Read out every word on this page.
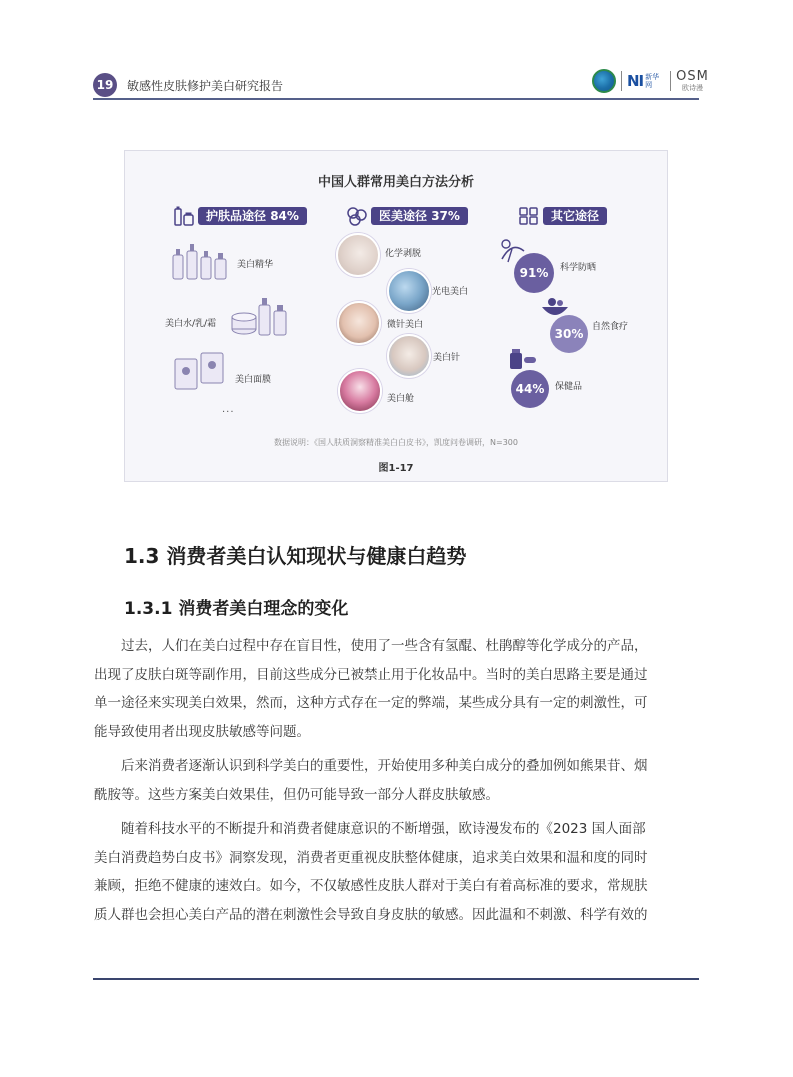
19	敏感性皮肤修护美白研究报告	NI 新华网
OSM
欧诗漫
中国人群常用美白方法分析
护肤品途径 84%	医美途径 37%	其它途径
美白精华
美白水/乳/霜
美白面膜
...
化学剥脱
光电美白
微针美白
美白针
美白舱
91%	科学防晒
30% 自然食疗
44%	保健品
数据说明：《国人肤质洞察精准美白白皮书》，凯度问卷调研，N=300
图1-17
1.3 消费者美白认知现状与健康白趋势
1.3.1 消费者美白理念的变化
过去，人们在美白过程中存在盲目性，使用了一些含有氢醌、杜鹃醇等化学成分的产品，
出现了皮肤白斑等副作用，目前这些成分已被禁止用于化妆品中。当时的美白思路主要是通过
单一途径来实现美白效果，然而，这种方式存在一定的弊端，某些成分具有一定的刺激性，可
能导致使用者出现皮肤敏感等问题。
后来消费者逐渐认识到科学美白的重要性，开始使用多种美白成分的叠加例如熊果苷、烟
酰胺等。这些方案美白效果佳，但仍可能导致一部分人群皮肤敏感。
随着科技水平的不断提升和消费者健康意识的不断增强，欧诗漫发布的《2023 国人面部
美白消费趋势白皮书》洞察发现，消费者更重视皮肤整体健康，追求美白效果和温和度的同时
兼顾，拒绝不健康的速效白。如今，不仅敏感性皮肤人群对于美白有着高标准的要求，常规肤
质人群也会担心美白产品的潜在刺激性会导致自身皮肤的敏感。因此温和不刺激、科学有效的
